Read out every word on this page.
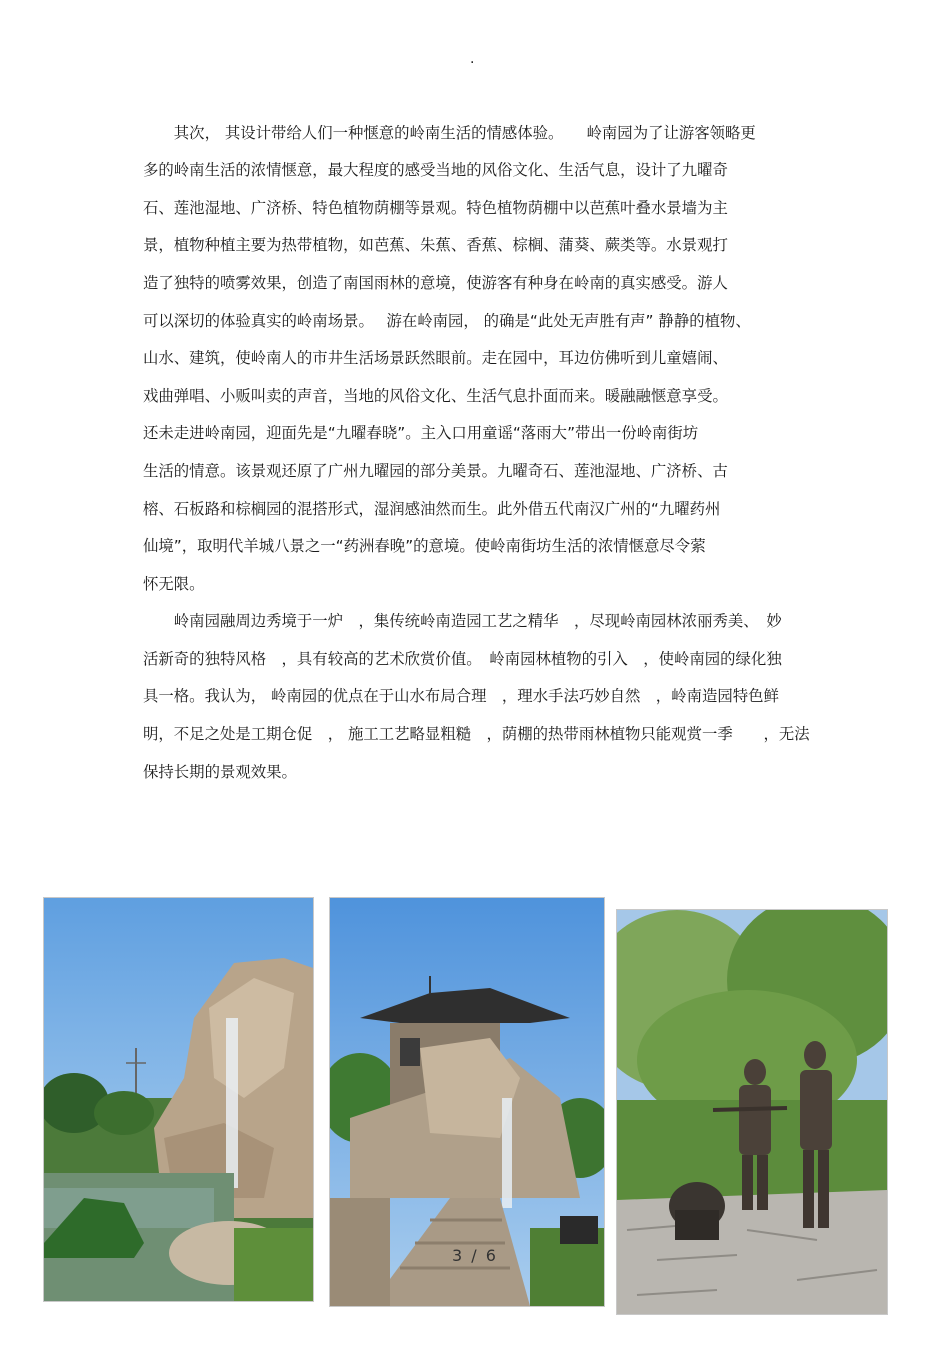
.
　　其次， 其设计带给人们一种惬意的岭南生活的情感体验。　　岭南园为了让游客领略更
多的岭南生活的浓情惬意，最大程度的感受当地的风俗文化、生活气息，设计了九曜奇
石、莲池湿地、广济桥、特色植物荫棚等景观。特色植物荫棚中以芭蕉叶叠水景墙为主
景，植物种植主要为热带植物，如芭蕉、朱蕉、香蕉、棕榈、蒲葵、蕨类等。水景观打
造了独特的喷雾效果，创造了南国雨林的意境，使游客有种身在岭南的真实感受。游人
可以深切的体验真实的岭南场景。　 游在岭南园， 的确是“此处无声胜有声” 静静的植物、
山水、建筑，使岭南人的市井生活场景跃然眼前。走在园中，耳边仿佛听到儿童嬉闹、
戏曲弹唱、小贩叫卖的声音，当地的风俗文化、生活气息扑面而来。暖融融惬意享受。
还未走进岭南园，迎面先是“九曜春晓”。主入口用童谣“落雨大”带出一份岭南街坊
生活的情意。该景观还原了广州九曜园的部分美景。九曜奇石、莲池湿地、广济桥、古
榕、石板路和棕榈园的混搭形式，湿润感油然而生。此外借五代南汉广州的“九曜药州
仙境”，取明代羊城八景之一“药洲春晚”的意境。使岭南街坊生活的浓情惬意尽令萦
怀无限。
　　岭南园融周边秀境于一炉　，集传统岭南造园工艺之精华　，尽现岭南园林浓丽秀美、　妙
活新奇的独特风格　，具有较高的艺术欣赏价值。　岭南园林植物的引入　，使岭南园的绿化独
具一格。我认为， 岭南园的优点在于山水布局合理　，理水手法巧妙自然　，岭南造园特色鲜
明，不足之处是工期仓促　， 施工工艺略显粗糙　，荫棚的热带雨林植物只能观赏一季　　，无法
保持长期的景观效果。
3 / 6
